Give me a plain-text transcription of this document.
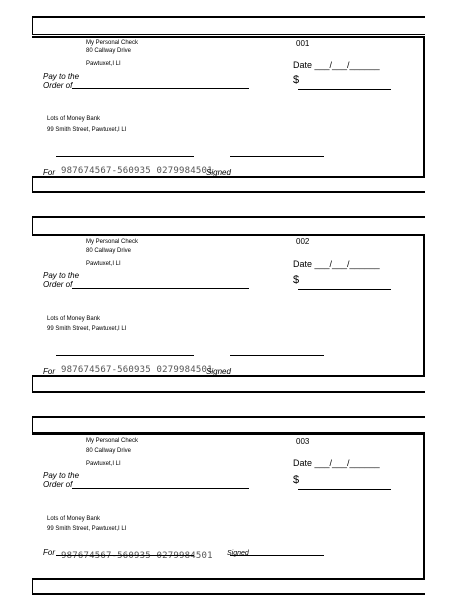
My Personal Check
80 Callway Drive
Pawtuxet,I LI
001
Date ___/___/______
$
Pay to the
Order of
Lots of Money Bank
99 Smith Street, Pawtuxet,I LI
For 987674567-560935 0279984501
Signed
My Personal Check
80 Callway Drive
Pawtuxet,I LI
002
Date ___/___/______
$
Pay to the
Order of
Lots of Money Bank
99 Smith Street, Pawtuxet,I LI
For 987674567-560935 0279984501
Signed
My Personal Check
80 Callway Drive
Pawtuxet,I LI
003
Date ___/___/______
$
Pay to the
Order of
Lots of Money Bank
99 Smith Street, Pawtuxet,I LI
For 987674567-560935 0279984501 Signed
